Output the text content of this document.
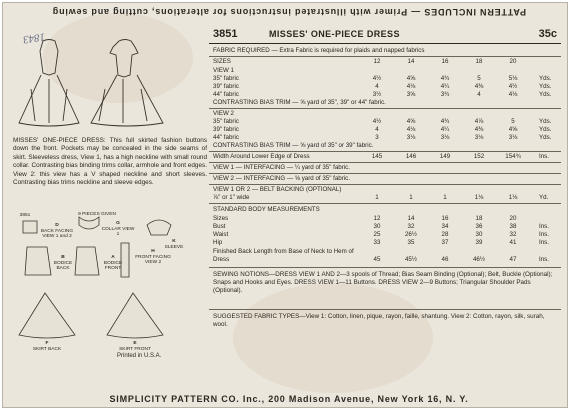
PATTERN INCLUDES — Primer with illustrated instructions for alterations, cutting and sewing
SIMPLICITY PATTERN CO. Inc., 200 Madison Avenue, New York 16, N. Y.
1843
MISSES' ONE-PIECE DRESS: This full skirted fashion buttons down the front. Pockets may be concealed in the side seams of skirt. Sleeveless dress, View 1, has a high neckline with small round collar. Contrasting bias binding trims collar, armhole and front edges. View 2: this view has a V shaped neckline and short sleeves. Contrasting bias trims neckline and sleeve edges.
3851	9 PIECES GIVEN
D
BACK FACING VIEW 1 and 2
G
COLLAR VIEW 1
K
SLEEVE
B
BODICE BACK
A
BODICE FRONT
H
FRONT FACING VIEW 2
F
SKIRT BACK
E
SKIRT FRONT
Printed in U.S.A.
3851	MISSES' ONE-PIECE DRESS	35c
FABRIC REQUIRED — Extra Fabric is required for plaids and napped fabrics
SIZES	12	14	16	18	20
VIEW 1
35" fabric	4½	4⅝	4¾	5	5⅛	Yds.
39" fabric	4	4⅛	4¼	4⅜	4½	Yds.
44" fabric	3½	3⅝	3¾	4	4⅛	Yds.
CONTRASTING BIAS TRIM — ⅝ yard of 35", 39" or 44" fabric.
VIEW 2
35" fabric	4½	4⅝	4¾	4⅞	5	Yds.
39" fabric	4	4⅛	4¼	4⅜	4⅝	Yds.
44" fabric	3	3⅛	3⅛	3⅛	3⅛	Yds.
CONTRASTING BIAS TRIM — ⅝ yard of 35" or 39" fabric.
Width Around Lower Edge of Dress	145	146	149	152	154¾	Ins.
VIEW 1 — INTERFACING — ¼ yard of 35" fabric.
VIEW 2 — INTERFACING — ⅝ yard of 35" fabric.
VIEW 1 OR 2 — BELT BACKING (OPTIONAL)
⅞" or 1" wide	1	1	1	1⅛	1⅛	Yd.
STANDARD BODY MEASUREMENTS
Sizes	12	14	16	18	20
Bust	30	32	34	36	38	Ins.
Waist	25	26½	28	30	32	Ins.
Hip	33	35	37	39	41	Ins.
Finished Back Length from Base of Neck to Hem of
Dress	45	45½	46	46½	47	Ins.
SEWING NOTIONS—DRESS VIEW 1 AND 2—3 spools of Thread; Bias Seam Binding (Optional); Belt, Buckle (Optional); Snaps and Hooks and Eyes. DRESS VIEW 1—11 Buttons. DRESS VIEW 2—9 Buttons; Triangular Shoulder Pads (Optional).
SUGGESTED FABRIC TYPES—View 1: Cotton, linen, pique, rayon, faille, shantung. View 2: Cotton, rayon, silk, surah, wool.
